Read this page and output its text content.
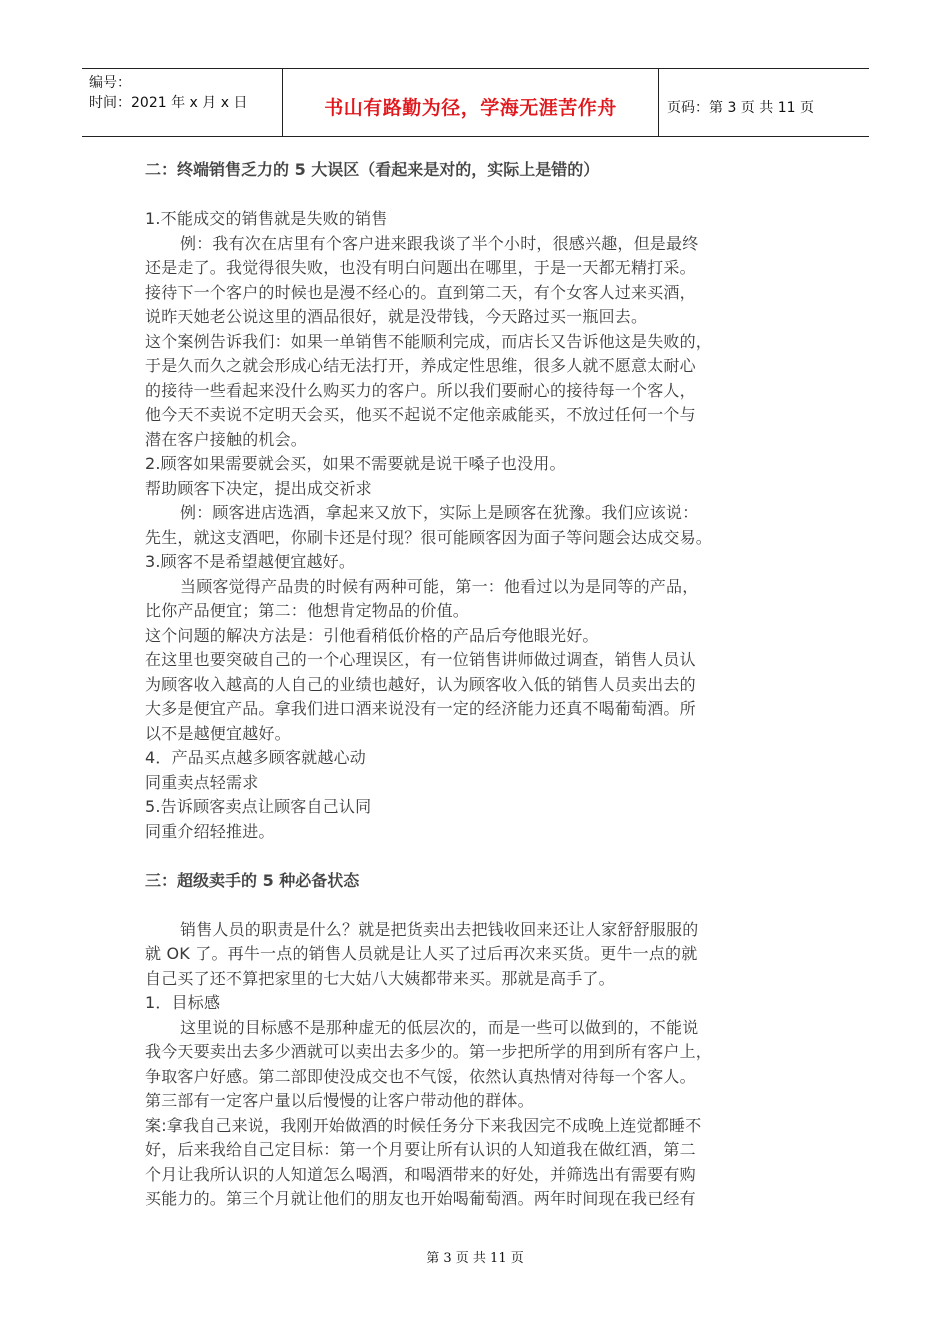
编号：
时间：2021 年 x 月 x 日	书山有路勤为径，学海无涯苦作舟	页码：第 3 页 共 11 页
二：终端销售乏力的 5 大误区（看起来是对的，实际上是错的）
1.不能成交的销售就是失败的销售
例：我有次在店里有个客户进来跟我谈了半个小时，很感兴趣，但是最终
还是走了。我觉得很失败，也没有明白问题出在哪里，于是一天都无精打采。
接待下一个客户的时候也是漫不经心的。直到第二天，有个女客人过来买酒，
说昨天她老公说这里的酒品很好，就是没带钱，今天路过买一瓶回去。
这个案例告诉我们：如果一单销售不能顺利完成，而店长又告诉他这是失败的，
于是久而久之就会形成心结无法打开，养成定性思维，很多人就不愿意太耐心
的接待一些看起来没什么购买力的客户。所以我们要耐心的接待每一个客人，
他今天不卖说不定明天会买，他买不起说不定他亲戚能买，不放过任何一个与
潜在客户接触的机会。
2.顾客如果需要就会买，如果不需要就是说干嗓子也没用。
帮助顾客下决定，提出成交祈求
例：顾客进店选酒，拿起来又放下，实际上是顾客在犹豫。我们应该说：
先生，就这支酒吧，你刷卡还是付现？很可能顾客因为面子等问题会达成交易。
3.顾客不是希望越便宜越好。
当顾客觉得产品贵的时候有两种可能，第一：他看过以为是同等的产品，
比你产品便宜；第二：他想肯定物品的价值。
这个问题的解决方法是：引他看稍低价格的产品后夸他眼光好。
在这里也要突破自己的一个心理误区，有一位销售讲师做过调查，销售人员认
为顾客收入越高的人自己的业绩也越好，认为顾客收入低的销售人员卖出去的
大多是便宜产品。拿我们进口酒来说没有一定的经济能力还真不喝葡萄酒。所
以不是越便宜越好。
4．产品买点越多顾客就越心动
同重卖点轻需求
5.告诉顾客卖点让顾客自己认同
同重介绍轻推进。
三：超级卖手的 5 种必备状态
销售人员的职责是什么？就是把货卖出去把钱收回来还让人家舒舒服服的
就 OK 了。再牛一点的销售人员就是让人买了过后再次来买货。更牛一点的就
自己买了还不算把家里的七大姑八大姨都带来买。那就是高手了。
1．目标感
这里说的目标感不是那种虚无的低层次的，而是一些可以做到的，不能说
我今天要卖出去多少酒就可以卖出去多少的。第一步把所学的用到所有客户上，
争取客户好感。第二部即使没成交也不气馁，依然认真热情对待每一个客人。
第三部有一定客户量以后慢慢的让客户带动他的群体。
案:拿我自己来说，我刚开始做酒的时候任务分下来我因完不成晚上连觉都睡不
好，后来我给自己定目标：第一个月要让所有认识的人知道我在做红酒，第二
个月让我所认识的人知道怎么喝酒，和喝酒带来的好处，并筛选出有需要有购
买能力的。第三个月就让他们的朋友也开始喝葡萄酒。两年时间现在我已经有
第 3 页 共 11 页
